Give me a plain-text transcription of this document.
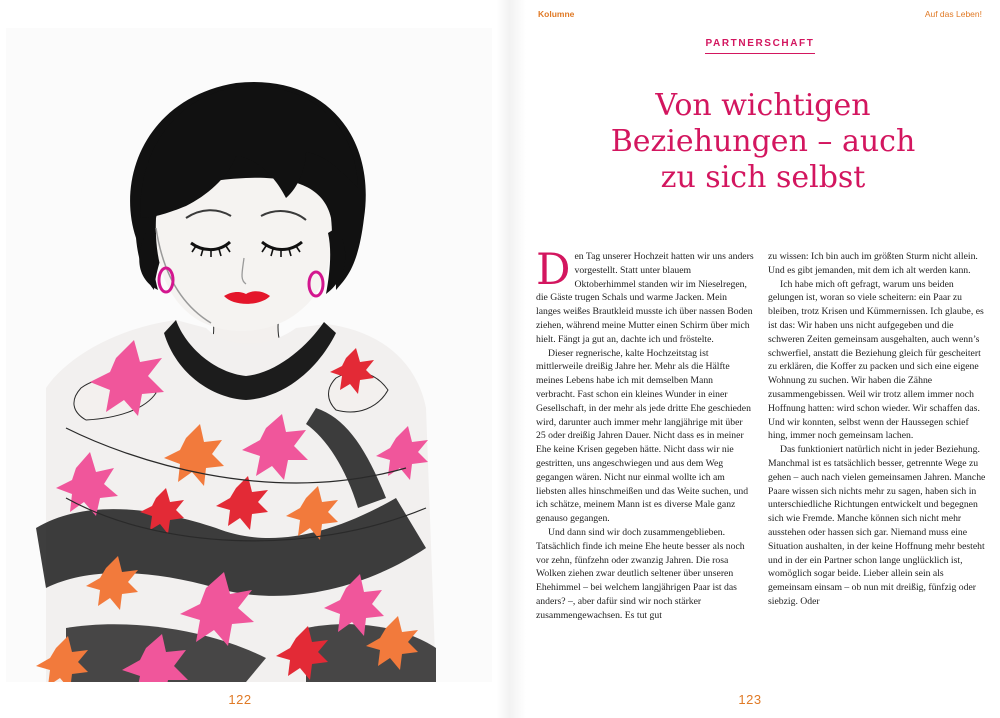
122
Kolumne	Auf das Leben!
PARTNERSCHAFT
Von wichtigen
Beziehungen – auch
zu sich selbst

Den Tag unserer Hochzeit hatten wir uns anders vorgestellt. Statt unter blauem Oktoberhimmel standen wir im Nieselregen, die Gäste trugen Schals und warme Jacken. Mein langes weißes Brautkleid musste ich über nassen Boden ziehen, während meine Mutter einen Schirm über mich hielt. Fängt ja gut an, dachte ich und fröstelte.

Dieser regnerische, kalte Hochzeitstag ist mittlerweile dreißig Jahre her. Mehr als die Hälfte meines Lebens habe ich mit demselben Mann verbracht. Fast schon ein kleines Wunder in einer Gesellschaft, in der mehr als jede dritte Ehe geschieden wird, darunter auch immer mehr langjährige mit über 25 oder dreißig Jahren Dauer. Nicht dass es in meiner Ehe keine Krisen gegeben hätte. Nicht dass wir nie gestritten, uns angeschwiegen und aus dem Weg gegangen wären. Nicht nur einmal wollte ich am liebsten alles hinschmeißen und das Weite suchen, und ich schätze, meinem Mann ist es diverse Male ganz genauso gegangen.

Und dann sind wir doch zusammengeblieben. Tatsächlich finde ich meine Ehe heute besser als noch vor zehn, fünfzehn oder zwanzig Jahren. Die rosa Wolken ziehen zwar deutlich seltener über unseren Ehehimmel – bei welchem langjährigen Paar ist das anders? –, aber dafür sind wir noch stärker zusammengewachsen. Es tut gut

zu wissen: Ich bin auch im größten Sturm nicht allein. Und es gibt jemanden, mit dem ich alt werden kann.

Ich habe mich oft gefragt, warum uns beiden gelungen ist, woran so viele scheitern: ein Paar zu bleiben, trotz Krisen und Kümmernissen. Ich glaube, es ist das: Wir haben uns nicht aufgegeben und die schweren Zeiten gemeinsam ausgehalten, auch wenn’s schwerfiel, anstatt die Beziehung gleich für gescheitert zu erklären, die Koffer zu packen und sich eine eigene Wohnung zu suchen. Wir haben die Zähne zusammengebissen. Weil wir trotz allem immer noch Hoffnung hatten: wird schon wieder. Wir schaffen das. Und wir konnten, selbst wenn der Haussegen schief hing, immer noch gemeinsam lachen.

Das funktioniert natürlich nicht in jeder Beziehung. Manchmal ist es tatsächlich besser, getrennte Wege zu gehen – auch nach vielen gemeinsamen Jahren. Manche Paare wissen sich nichts mehr zu sagen, haben sich in unterschiedliche Richtungen entwickelt und begegnen sich wie Fremde. Manche können sich nicht mehr ausstehen oder hassen sich gar. Niemand muss eine Situation aushalten, in der keine Hoffnung mehr besteht und in der ein Partner schon lange unglücklich ist, womöglich sogar beide. Lieber allein sein als gemeinsam einsam – ob nun mit dreißig, fünfzig oder siebzig. Oder

123
